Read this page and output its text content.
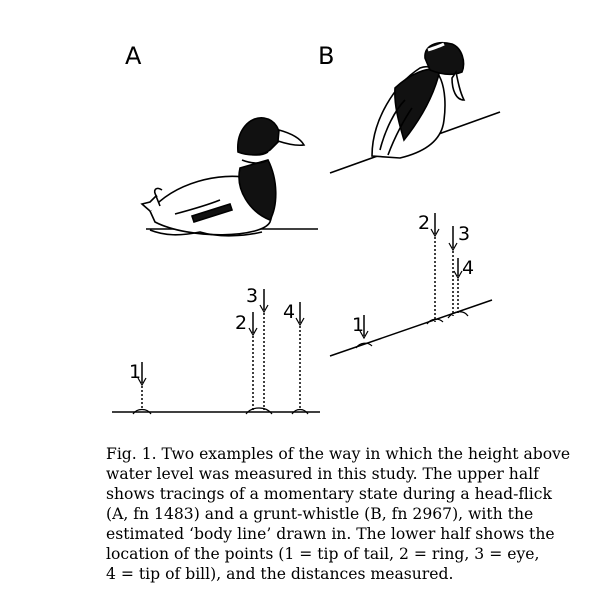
A	B
1
2
3
4
1
2 3
4

Fig. 1. Two examples of the way in which the height above
water level was measured in this study. The upper half
shows tracings of a momentary state during a head-flick
(A, fn 1483) and a grunt-whistle (B, fn 2967), with the
estimated ‘body line’ drawn in. The lower half shows the
location of the points (1 = tip of tail, 2 = ring, 3 = eye,
4 = tip of bill), and the distances measured.
